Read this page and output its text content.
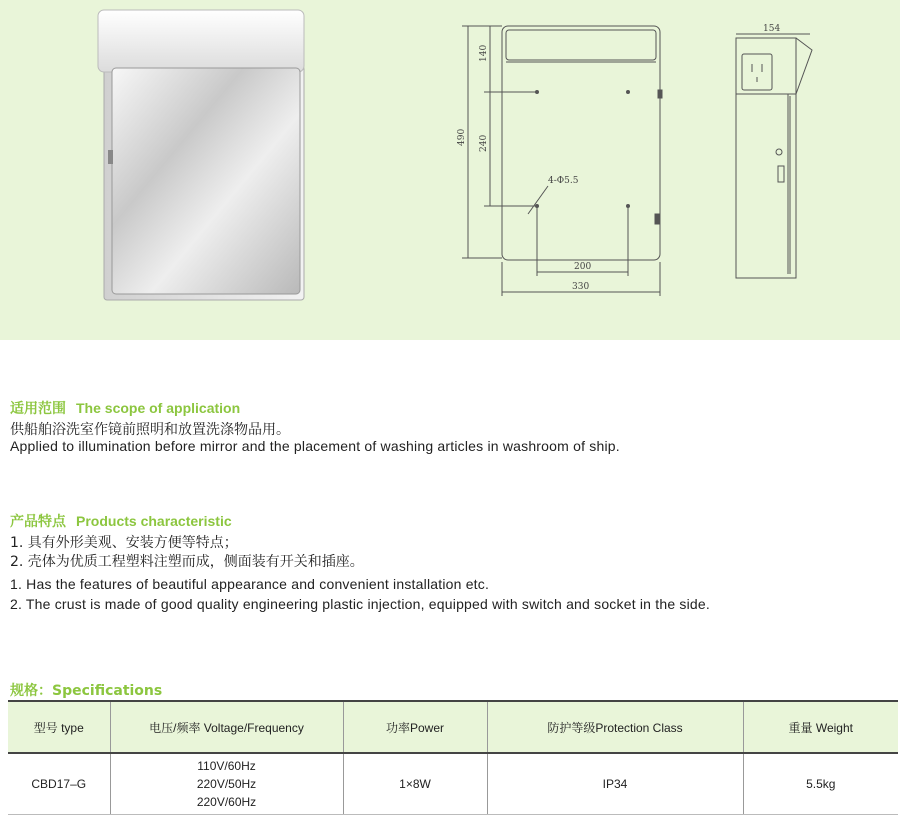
140
490 240
4-Φ5.5
200
330
154
适用范围 The scope of application
供船舶浴洗室作镜前照明和放置洗涤物品用。
Applied to illumination before mirror and the placement of washing articles in washroom of ship.
产品特点 Products characteristic
1. 具有外形美观、安装方便等特点；
2. 壳体为优质工程塑料注塑而成，侧面装有开关和插座。
1. Has the features of beautiful appearance and convenient installation etc.
2. The crust is made of good quality engineering plastic injection, equipped with switch and socket in the side.
规格：Specifications
型号 type	电压/频率 Voltage/Frequency	功率Power	防护等级Protection Class	重量 Weight
CBD17–G	110V/60Hz
220V/50Hz
220V/60Hz	1×8W	IP34	5.5kg
